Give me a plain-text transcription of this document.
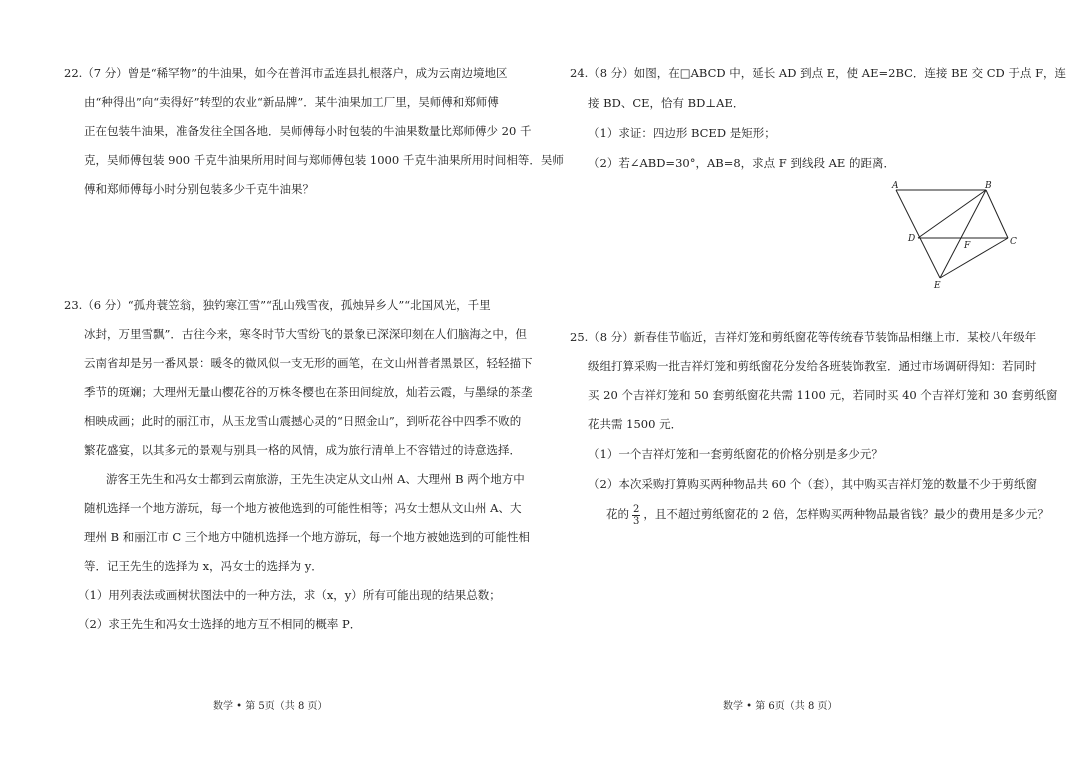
22.（7 分）曾是“稀罕物”的牛油果，如今在普洱市孟连县扎根落户，成为云南边境地区
由“种得出”向“卖得好”转型的农业“新品牌”．某牛油果加工厂里，吴师傅和郑师傅
正在包装牛油果，准备发往全国各地．吴师傅每小时包装的牛油果数量比郑师傅少 20 千
克，吴师傅包装 900 千克牛油果所用时间与郑师傅包装 1000 千克牛油果所用时间相等．吴师
傅和郑师傅每小时分别包装多少千克牛油果？
23.（6 分）“孤舟蓑笠翁，独钓寒江雪”“乱山残雪夜，孤烛异乡人”“北国风光，千里
冰封，万里雪飘”．古往今来，寒冬时节大雪纷飞的景象已深深印刻在人们脑海之中，但
云南省却是另一番风景：暖冬的微风似一支无形的画笔，在文山州普者黑景区，轻轻描下
季节的斑斓；大理州无量山樱花谷的万株冬樱也在茶田间绽放，灿若云霞，与墨绿的茶垄
相映成画；此时的丽江市，从玉龙雪山震撼心灵的“日照金山”，到听花谷中四季不败的
繁花盛宴，以其多元的景观与别具一格的风情，成为旅行清单上不容错过的诗意选择．
游客王先生和冯女士都到云南旅游，王先生决定从文山州 A、大理州 B 两个地方中
随机选择一个地方游玩，每一个地方被他选到的可能性相等；冯女士想从文山州 A、大
理州 B 和丽江市 C 三个地方中随机选择一个地方游玩，每一个地方被她选到的可能性相
等．记王先生的选择为 x，冯女士的选择为 y．
（1）用列表法或画树状图法中的一种方法，求（x，y）所有可能出现的结果总数；
（2）求王先生和冯女士选择的地方互不相同的概率 P．
数学 • 第 5页（共 8 页）
24.（8 分）如图，在□ABCD 中，延长 AD 到点 E，使 AE=2BC．连接 BE 交 CD 于点 F，连
接 BD、CE，恰有 BD⊥AE．
（1）求证：四边形 BCED 是矩形；
（2）若∠ABD=30°，AB=8，求点 F 到线段 AE 的距离．
25.（8 分）新春佳节临近，吉祥灯笼和剪纸窗花等传统春节装饰品相继上市．某校八年级年
级组打算采购一批吉祥灯笼和剪纸窗花分发给各班装饰教室．通过市场调研得知：若同时
买 20 个吉祥灯笼和 50 套剪纸窗花共需 1100 元，若同时买 40 个吉祥灯笼和 30 套剪纸窗
花共需 1500 元．
（1）一个吉祥灯笼和一套剪纸窗花的价格分别是多少元？
（2）本次采购打算购买两种物品共 60 个（套），其中购买吉祥灯笼的数量不少于剪纸窗
花的 $\frac{2}{3}$ ，且不超过剪纸窗花的 2 倍，怎样购买两种物品最省钱？最少的费用是多少元？
数学 • 第 6页（共 8 页）
A	B
C
D
E
F
